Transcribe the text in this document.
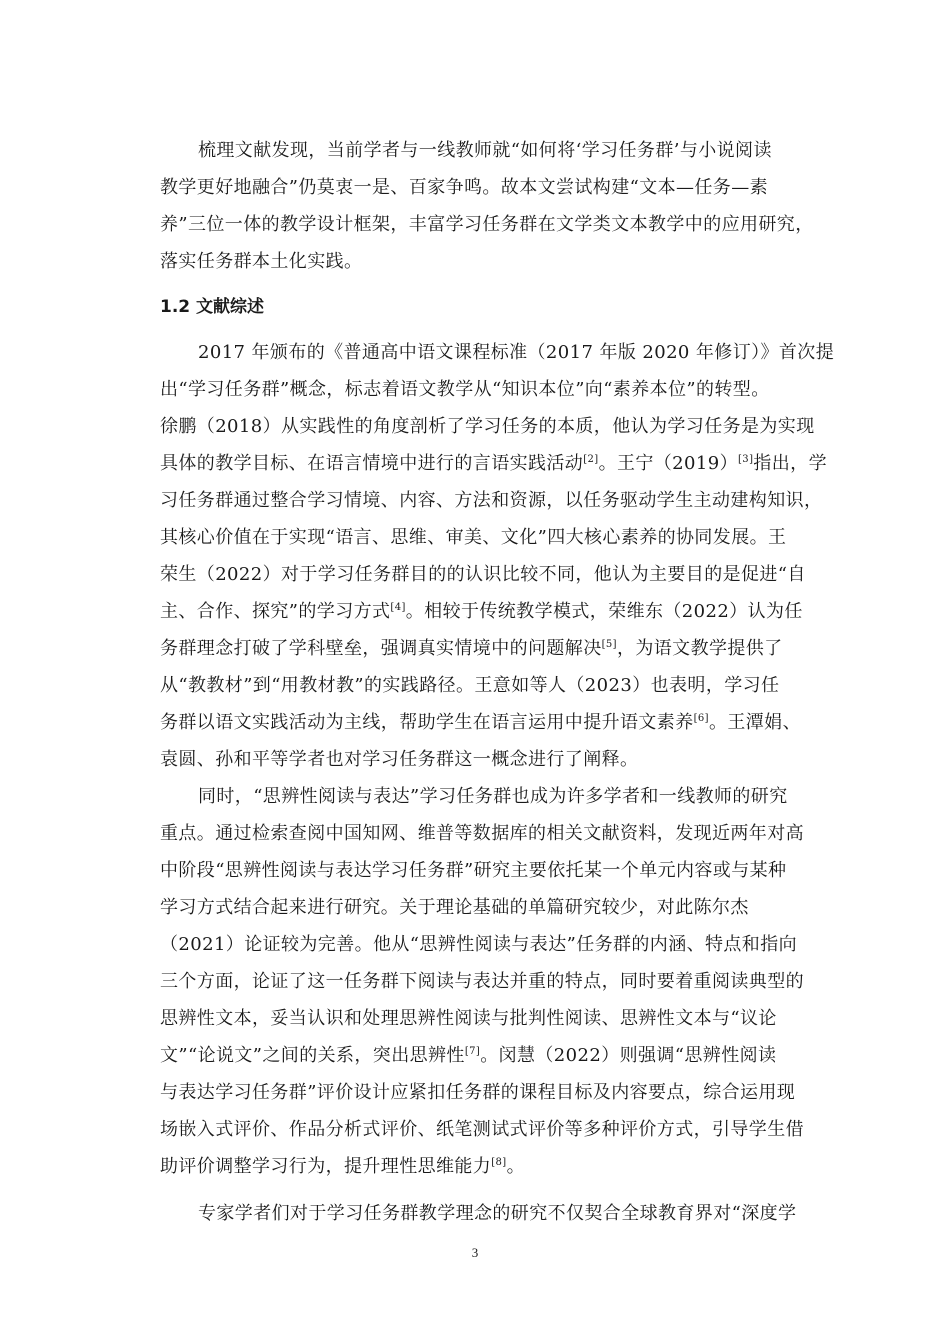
梳理文献发现，当前学者与一线教师就“如何将‘学习任务群’与小说阅读
教学更好地融合”仍莫衷一是、百家争鸣。故本文尝试构建“文本—任务—素
养”三位一体的教学设计框架，丰富学习任务群在文学类文本教学中的应用研究，
落实任务群本土化实践。
1.2 文献综述
2017 年颁布的《普通高中语文课程标准（2017 年版 2020 年修订）》首次提
出“学习任务群”概念，标志着语文教学从“知识本位”向“素养本位”的转型。
徐鹏（2018）从实践性的角度剖析了学习任务的本质，他认为学习任务是为实现
具体的教学目标、在语言情境中进行的言语实践活动[2]。王宁（2019）[3]指出，学
习任务群通过整合学习情境、内容、方法和资源，以任务驱动学生主动建构知识，
其核心价值在于实现“语言、思维、审美、文化”四大核心素养的协同发展。王
荣生（2022）对于学习任务群目的的认识比较不同，他认为主要目的是促进“自
主、合作、探究”的学习方式[4]。相较于传统教学模式，荣维东（2022）认为任
务群理念打破了学科壁垒，强调真实情境中的问题解决[5]，为语文教学提供了
从“教教材”到“用教材教”的实践路径。王意如等人（2023）也表明，学习任
务群以语文实践活动为主线，帮助学生在语言运用中提升语文素养[6]。王潭娟、
袁圆、孙和平等学者也对学习任务群这一概念进行了阐释。
同时，“思辨性阅读与表达”学习任务群也成为许多学者和一线教师的研究
重点。通过检索查阅中国知网、维普等数据库的相关文献资料，发现近两年对高
中阶段“思辨性阅读与表达学习任务群”研究主要依托某一个单元内容或与某种
学习方式结合起来进行研究。关于理论基础的单篇研究较少，对此陈尔杰
（2021）论证较为完善。他从“思辨性阅读与表达”任务群的内涵、特点和指向
三个方面，论证了这一任务群下阅读与表达并重的特点，同时要着重阅读典型的
思辨性文本，妥当认识和处理思辨性阅读与批判性阅读、思辨性文本与“议论
文”“论说文”之间的关系，突出思辨性[7]。闵慧（2022）则强调“思辨性阅读
与表达学习任务群”评价设计应紧扣任务群的课程目标及内容要点，综合运用现
场嵌入式评价、作品分析式评价、纸笔测试式评价等多种评价方式，引导学生借
助评价调整学习行为，提升理性思维能力[8]。
专家学者们对于学习任务群教学理念的研究不仅契合全球教育界对“深度学
3
